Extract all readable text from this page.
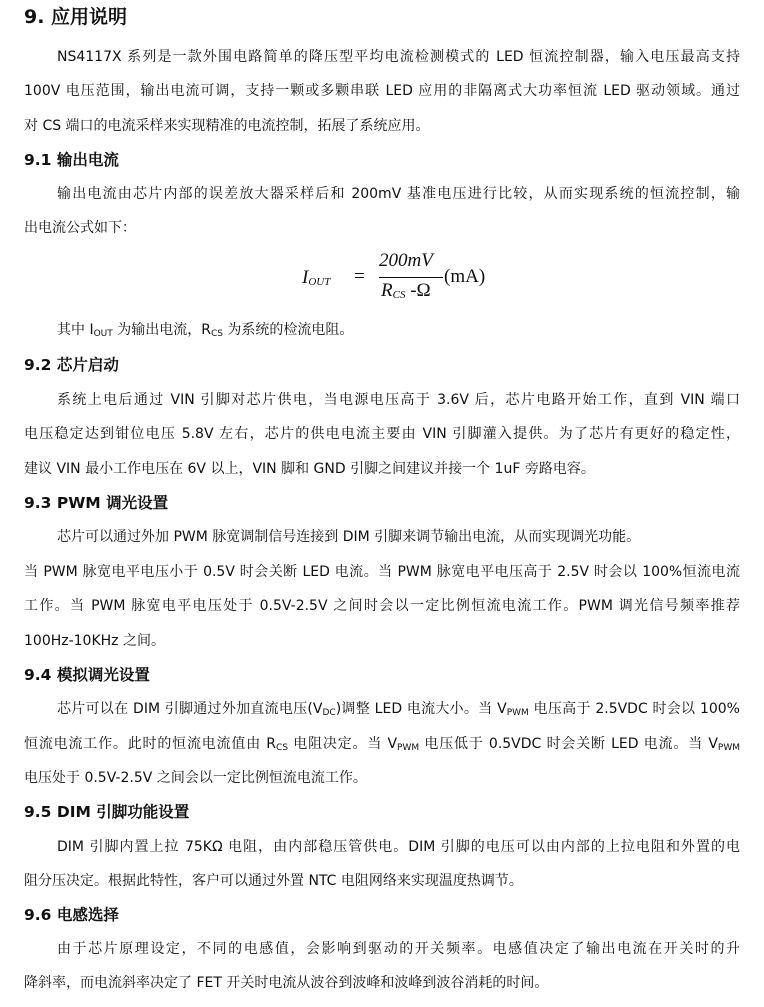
9. 应用说明
NS4117X 系列是一款外围电路简单的降压型平均电流检测模式的 LED 恒流控制器，输入电压最高支持
100V 电压范围，输出电流可调，支持一颗或多颗串联 LED 应用的非隔离式大功率恒流 LED 驱动领域。通过
对 CS 端口的电流采样来实现精准的电流控制，拓展了系统应用。
9.1 输出电流
输出电流由芯片内部的误差放大器采样后和 200mV 基准电压进行比较，从而实现系统的恒流控制，输
出电流公式如下：
$I_{OUT}$ =
200mV
$R_{CS}$ -Ω
(mA)
其中 $I_{OUT}$ 为输出电流，$R_{CS}$ 为系统的检流电阻。
9.2 芯片启动
系统上电后通过 VIN 引脚对芯片供电，当电源电压高于 3.6V 后，芯片电路开始工作，直到 VIN 端口
电压稳定达到钳位电压 5.8V 左右，芯片的供电电流主要由 VIN 引脚灌入提供。为了芯片有更好的稳定性，
建议 VIN 最小工作电压在 6V 以上，VIN 脚和 GND 引脚之间建议并接一个 1uF 旁路电容。
9.3 PWM 调光设置
芯片可以通过外加 PWM 脉宽调制信号连接到 DIM 引脚来调节输出电流，从而实现调光功能。
当 PWM 脉宽电平电压小于 0.5V 时会关断 LED 电流。当 PWM 脉宽电平电压高于 2.5V 时会以 100%恒流电流
工作。当 PWM 脉宽电平电压处于 0.5V-2.5V 之间时会以一定比例恒流电流工作。PWM 调光信号频率推荐
100Hz-10KHz 之间。
9.4 模拟调光设置
芯片可以在 DIM 引脚通过外加直流电压$(V_{DC})$调整 LED 电流大小。当 $V_{PWM}$ 电压高于 2.5VDC 时会以 100%
恒流电流工作。此时的恒流电流值由 $R_{CS}$ 电阻决定。当 $V_{PWM}$ 电压低于 0.5VDC 时会关断 LED 电流。当 $V_{PWM}$
电压处于 0.5V-2.5V 之间会以一定比例恒流电流工作。
9.5 DIM 引脚功能设置
DIM 引脚内置上拉 75KΩ 电阻，由内部稳压管供电。DIM 引脚的电压可以由内部的上拉电阻和外置的电
阻分压决定。根据此特性，客户可以通过外置 NTC 电阻网络来实现温度热调节。
9.6 电感选择
由于芯片原理设定，不同的电感值，会影响到驱动的开关频率。电感值决定了输出电流在开关时的升
降斜率，而电流斜率决定了 FET 开关时电流从波谷到波峰和波峰到波谷消耗的时间。
